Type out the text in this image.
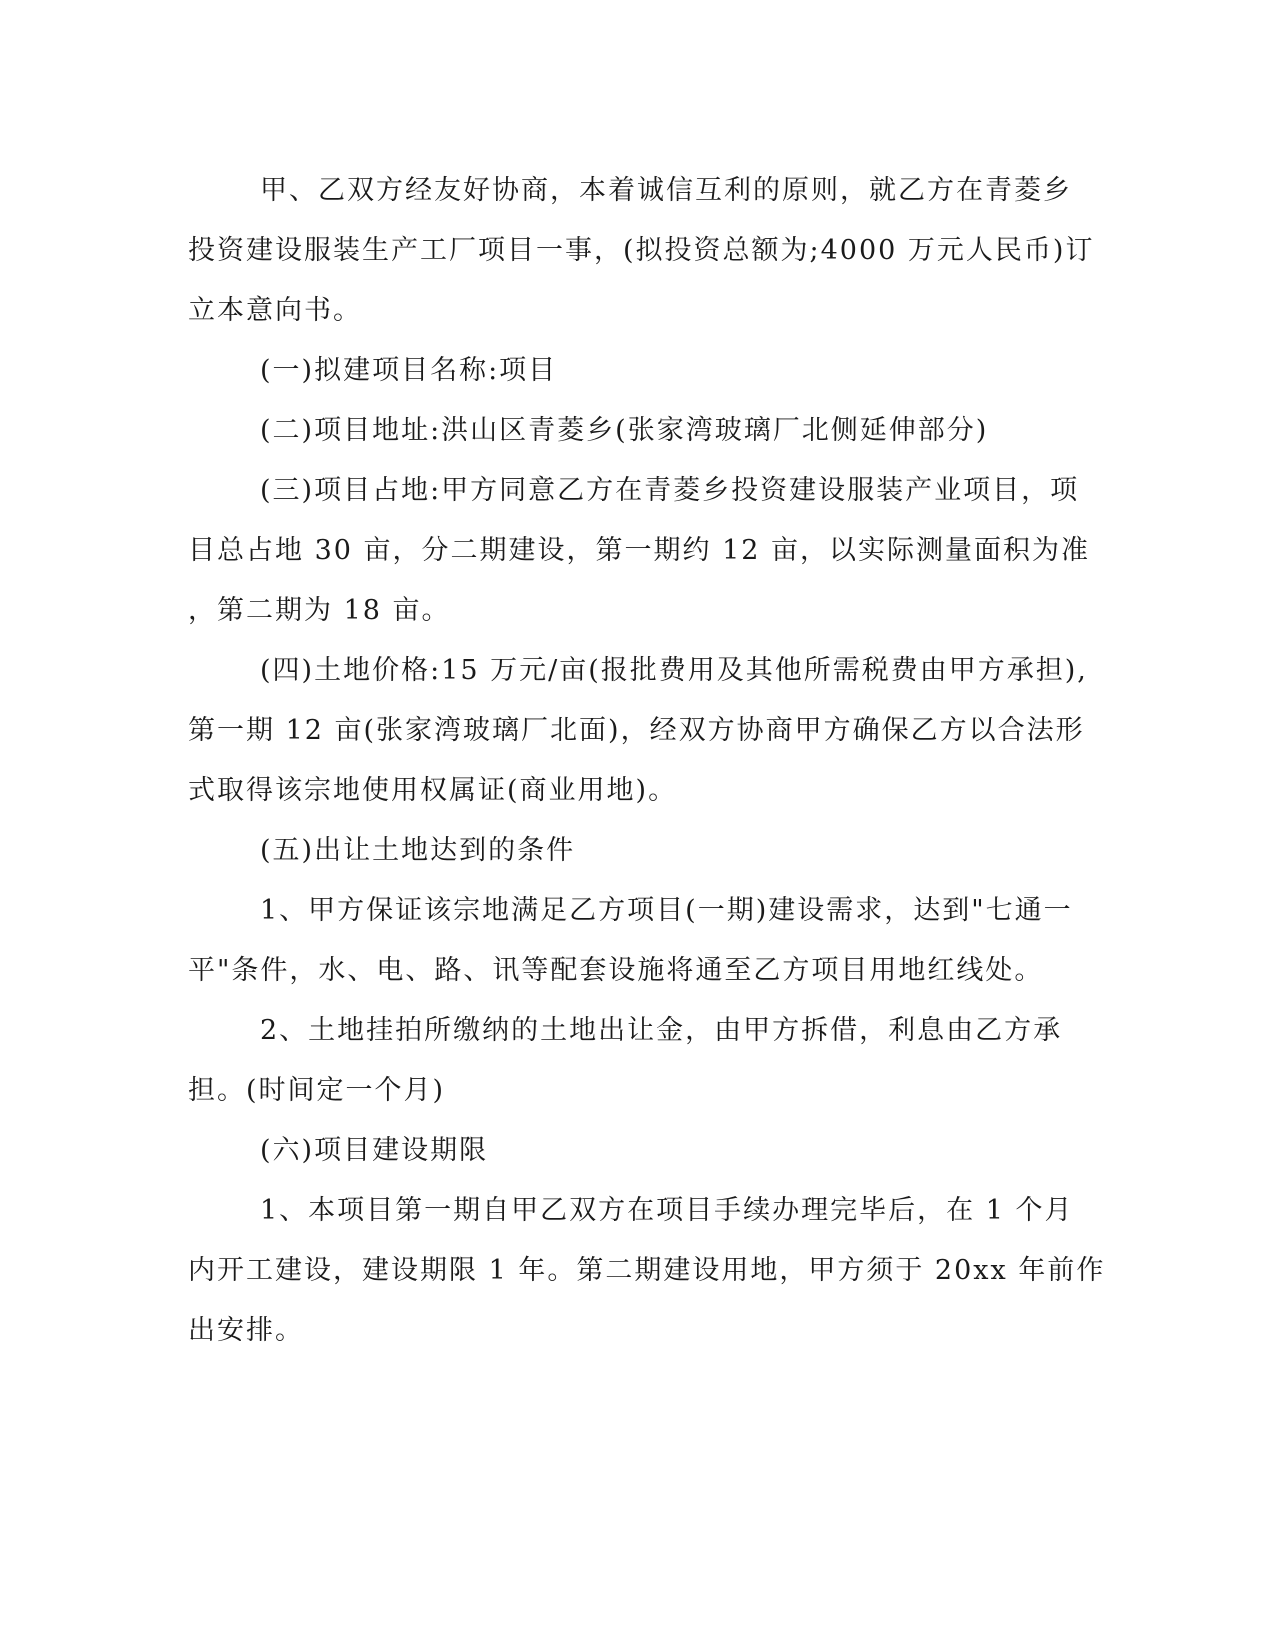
甲、乙双方经友好协商，本着诚信互利的原则，就乙方在青菱乡
投资建设服装生产工厂项目一事，(拟投资总额为;4000 万元人民币)订
立本意向书。

(一)拟建项目名称:项目

(二)项目地址:洪山区青菱乡(张家湾玻璃厂北侧延伸部分)

(三)项目占地:甲方同意乙方在青菱乡投资建设服装产业项目，项
目总占地 30 亩，分二期建设，第一期约 12 亩，以实际测量面积为准
，第二期为 18 亩。

(四)土地价格:15 万元/亩(报批费用及其他所需税费由甲方承担),
第一期 12 亩(张家湾玻璃厂北面)，经双方协商甲方确保乙方以合法形
式取得该宗地使用权属证(商业用地)。

(五)出让土地达到的条件

1、甲方保证该宗地满足乙方项目(一期)建设需求，达到"七通一
平"条件，水、电、路、讯等配套设施将通至乙方项目用地红线处。

2、土地挂拍所缴纳的土地出让金，由甲方拆借，利息由乙方承
担。(时间定一个月)

(六)项目建设期限

1、本项目第一期自甲乙双方在项目手续办理完毕后，在 1 个月
内开工建设，建设期限 1 年。第二期建设用地，甲方须于 20xx 年前作
出安排。
